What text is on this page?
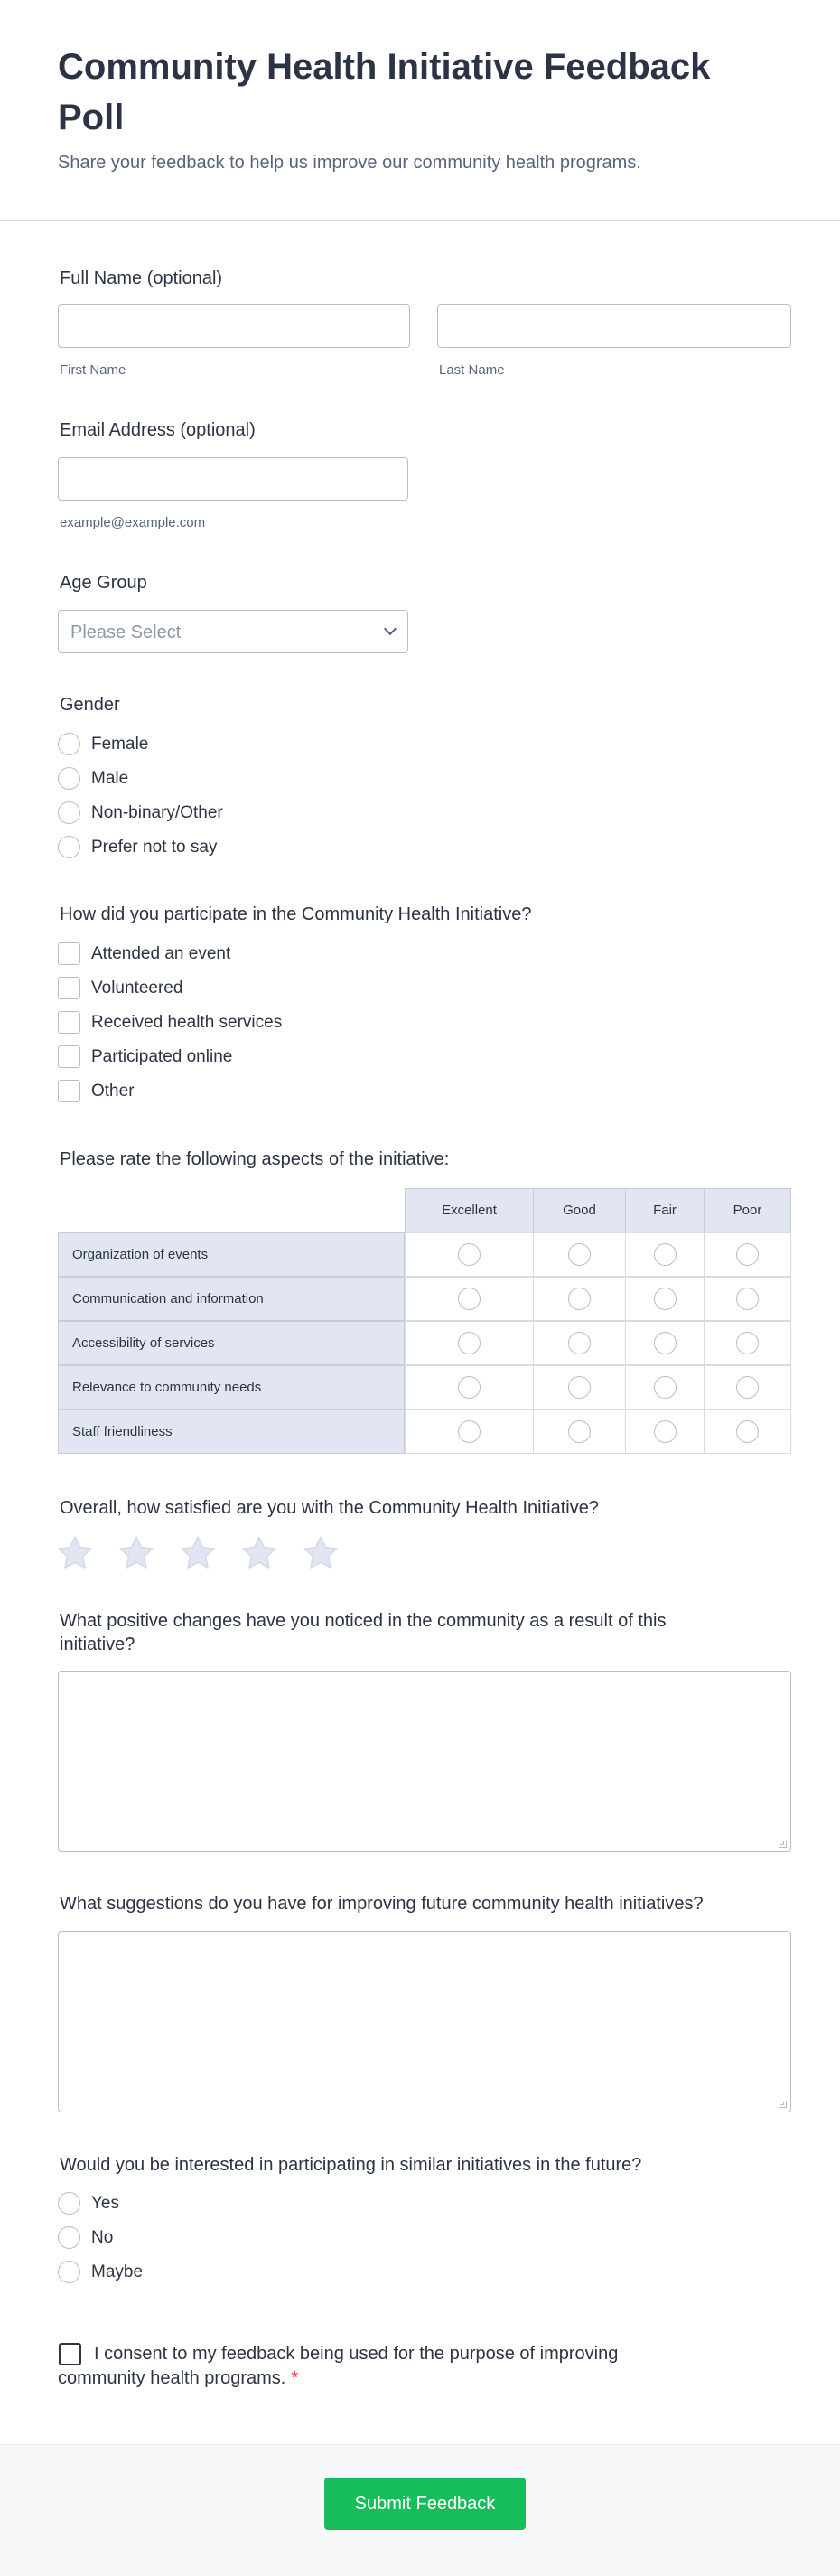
Community Health Initiative Feedback Poll

Share your feedback to help us improve our community health programs.

Full Name (optional)
First Name	Last Name
Email Address (optional)
example@example.com
Age Group
Please Select
Gender
Female
Male
Non-binary/Other
Prefer not to say
How did you participate in the Community Health Initiative?
Attended an event
Volunteered
Received health services
Participated online
Other
Please rate the following aspects of the initiative:
Excellent	Good	Fair	Poor
Organization of events
Communication and information
Accessibility of services
Relevance to community needs
Staff friendliness
Overall, how satisfied are you with the Community Health Initiative?
What positive changes have you noticed in the community as a result of this initiative?
What suggestions do you have for improving future community health initiatives?
Would you be interested in participating in similar initiatives in the future?
Yes
No
Maybe
I consent to my feedback being used for the purpose of improving community health programs. *
Submit Feedback
